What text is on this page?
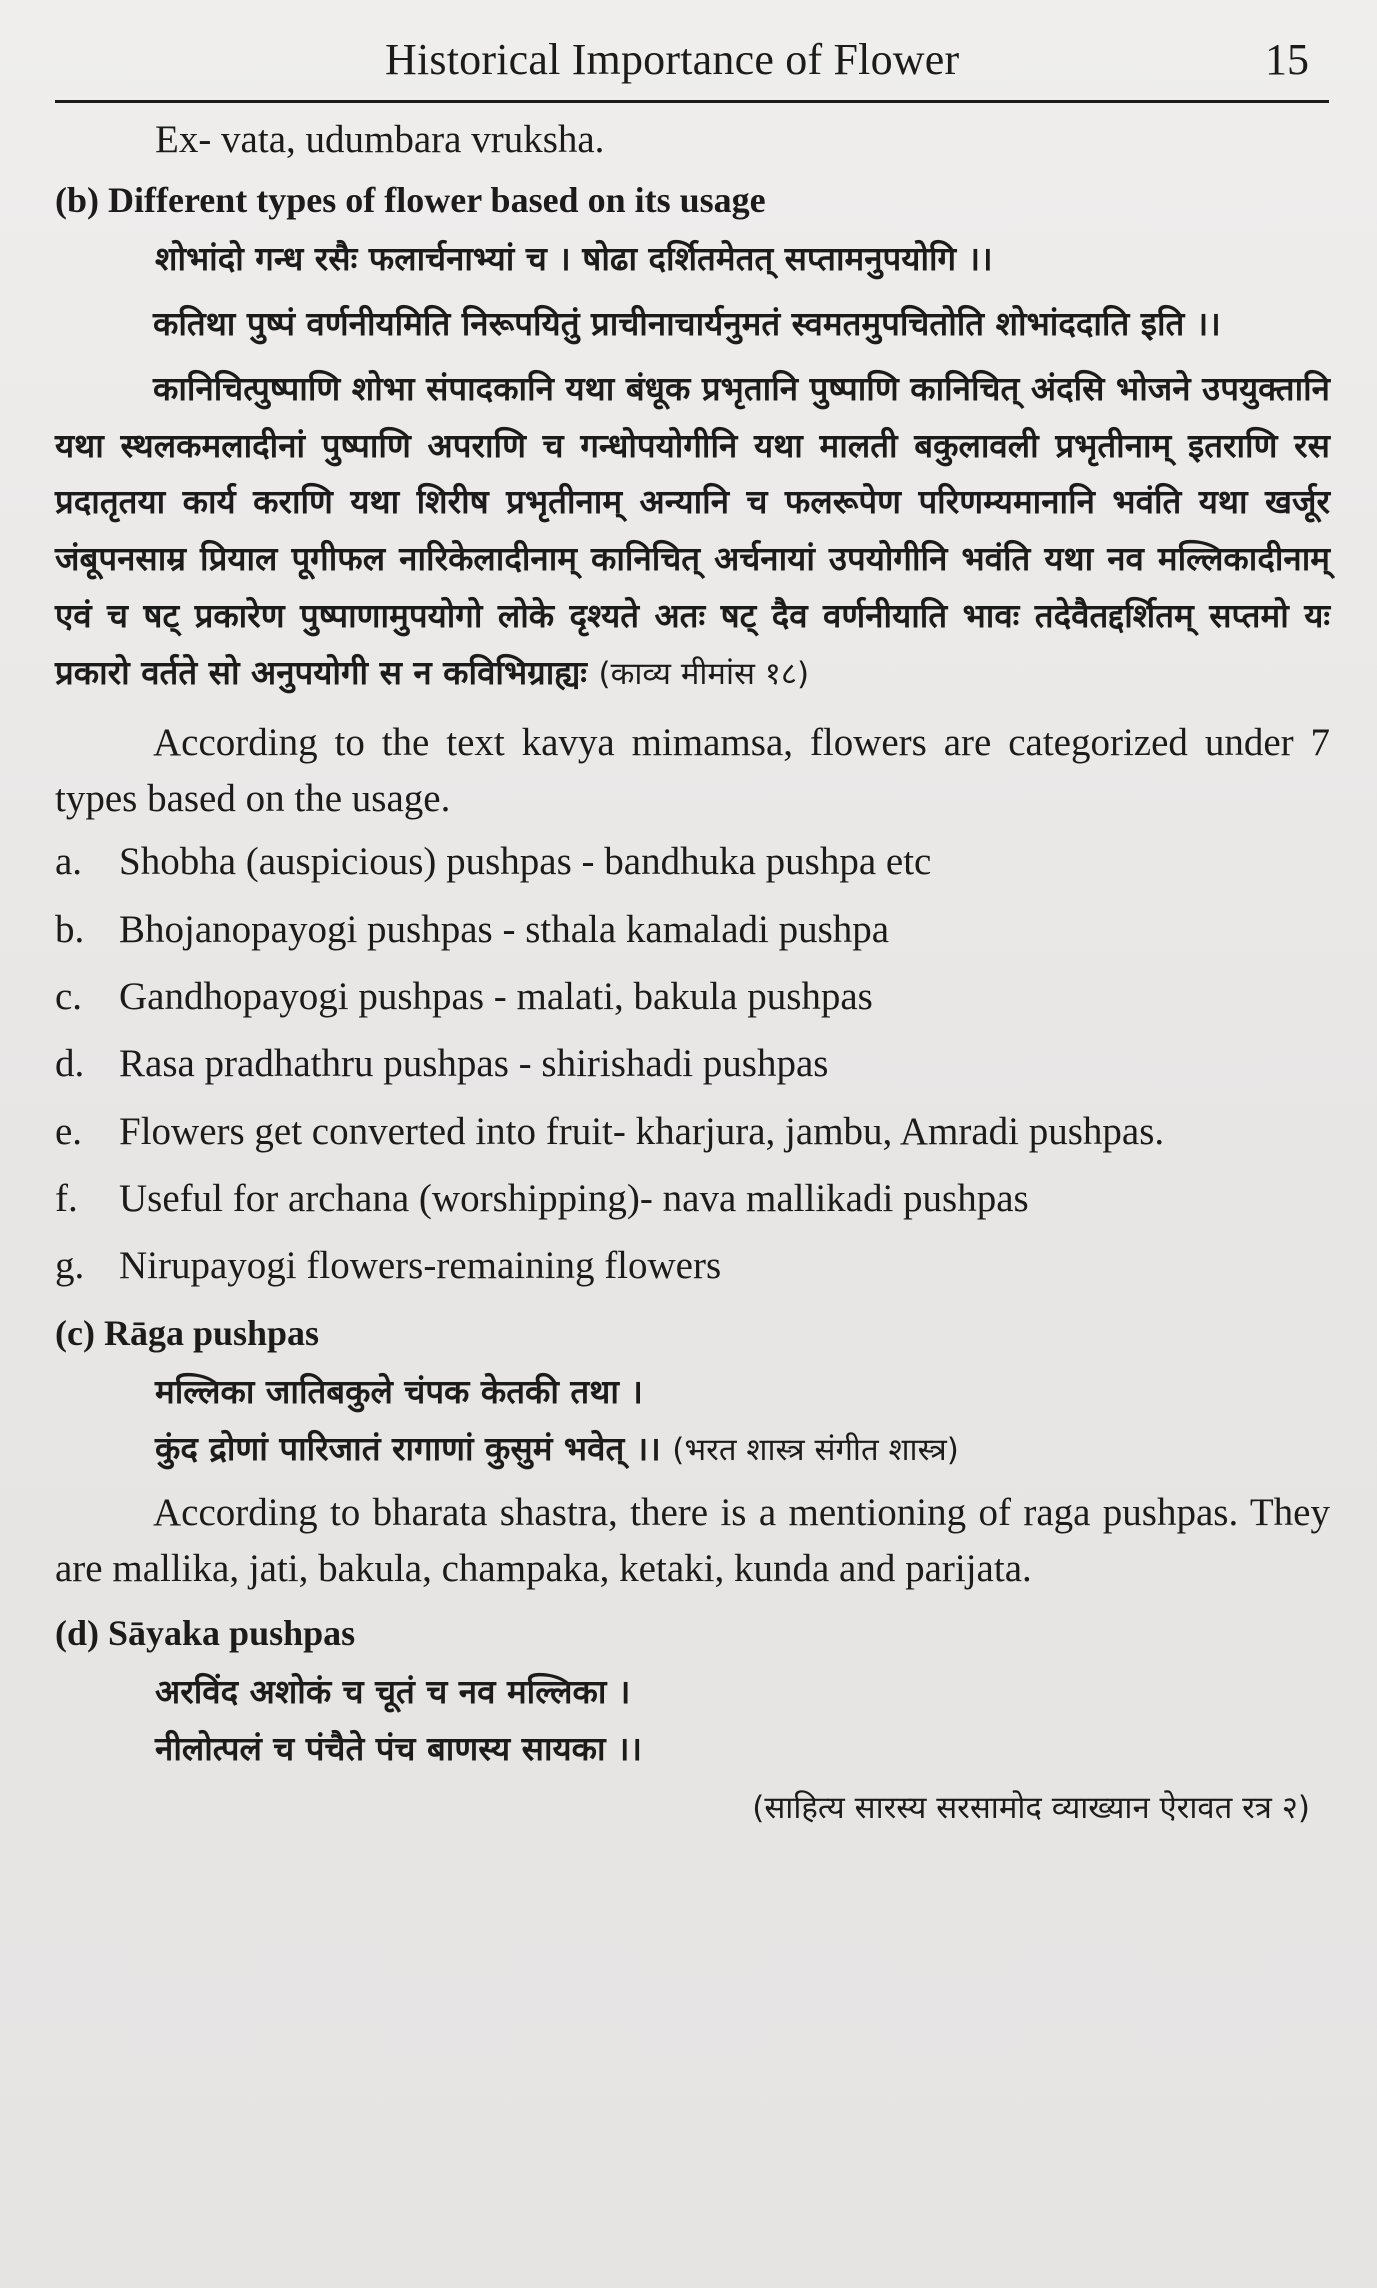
Historical Importance of Flower	15
Ex- vata, udumbara vruksha.
(b) Different types of flower based on its usage
शोभांदो गन्ध रसैः फलार्चनाभ्यां च । षोढा दर्शितमेतत् सप्तामनुपयोगि ।।
कतिथा पुष्पं वर्णनीयमिति निरूपयितुं प्राचीनाचार्यनुमतं स्वमतमुपचितोति शोभांददाति इति ।।
कानिचित्पुष्पाणि शोभा संपादकानि यथा बंधूक प्रभृतानि पुष्पाणि कानिचित् अंदसि भोजने उपयुक्तानि यथा स्थलकमलादीनां पुष्पाणि अपराणि च गन्धोपयोगीनि यथा मालती बकुलावली प्रभृतीनाम् इतराणि रस प्रदातृतया कार्य कराणि यथा शिरीष प्रभृतीनाम् अन्यानि च फलरूपेण परिणम्यमानानि भवंति यथा खर्जूर जंबूपनसाम्र प्रियाल पूगीफल नारिकेलादीनाम् कानिचित् अर्चनायां उपयोगीनि भवंति यथा नव मल्लिकादीनाम् एवं च षट् प्रकारेण पुष्पाणामुपयोगो लोके दृश्यते अतः षट् दैव वर्णनीयाति भावः तदेवैतद्दर्शितम् सप्तमो यः प्रकारो वर्तते सो अनुपयोगी स न कविभिग्राह्यः (काव्य मीमांस १८)
According to the text kavya mimamsa, flowers are categorized under 7 types based on the usage.
a. Shobha (auspicious) pushpas - bandhuka pushpa etc
b. Bhojanopayogi pushpas - sthala kamaladi pushpa
c. Gandhopayogi pushpas - malati, bakula pushpas
d. Rasa pradhathru pushpas - shirishadi pushpas
e. Flowers get converted into fruit- kharjura, jambu, Amradi pushpas.
f. Useful for archana (worshipping)- nava mallikadi pushpas
g. Nirupayogi flowers-remaining flowers
(c) Rāga pushpas
मल्लिका जातिबकुले चंपक केतकी तथा ।
कुंद द्रोणां पारिजातं रागाणां कुसुमं भवेत् ।। (भरत शास्त्र संगीत शास्त्र)
According to bharata shastra, there is a mentioning of raga pushpas. They are mallika, jati, bakula, champaka, ketaki, kunda and parijata.
(d) Sāyaka pushpas
अरविंद अशोकं च चूतं च नव मल्लिका ।
नीलोत्पलं च पंचैते पंच बाणस्य सायका ।।
(साहित्य सारस्य सरसामोद व्याख्यान ऐरावत रत्र २)
